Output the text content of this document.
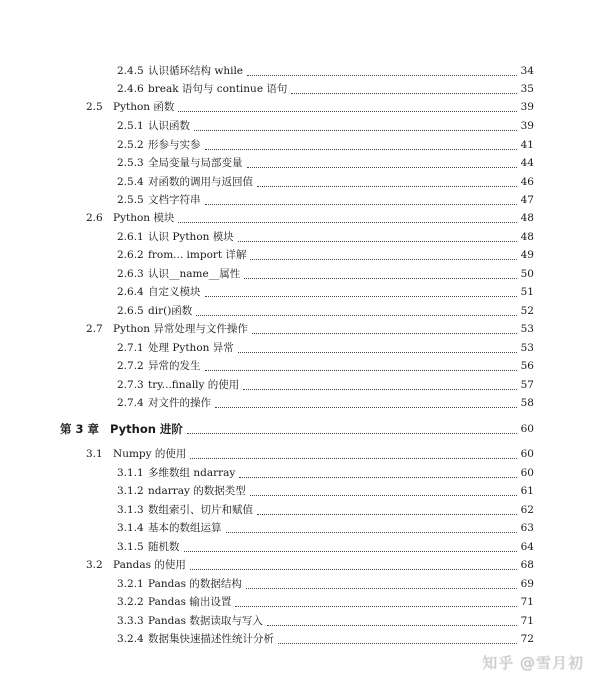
2.4.5 认识循环结构 while	34
2.4.6 break 语句与 continue 语句	35
2.5 Python 函数	39
2.5.1 认识函数	39
2.5.2 形参与实参	41
2.5.3 全局变量与局部变量	44
2.5.4 对函数的调用与返回值	46
2.5.5 文档字符串	47
2.6 Python 模块	48
2.6.1 认识 Python 模块	48
2.6.2 from... import 详解	49
2.6.3 认识__name__属性	50
2.6.4 自定义模块	51
2.6.5 dir()函数	52
2.7 Python 异常处理与文件操作	53
2.7.1 处理 Python 异常	53
2.7.2 异常的发生	56
2.7.3 try...finally 的使用	57
2.7.4 对文件的操作	58
第 3 章 Python 进阶	60
3.1 Numpy 的使用	60
3.1.1 多维数组 ndarray	60
3.1.2 ndarray 的数据类型	61
3.1.3 数组索引、切片和赋值	62
3.1.4 基本的数组运算	63
3.1.5 随机数	64
3.2 Pandas 的使用	68
3.2.1 Pandas 的数据结构	69
3.2.2 Pandas 输出设置	71
3.3.3 Pandas 数据读取与写入	71
3.2.4 数据集快速描述性统计分析	72
知乎 @雪月初
